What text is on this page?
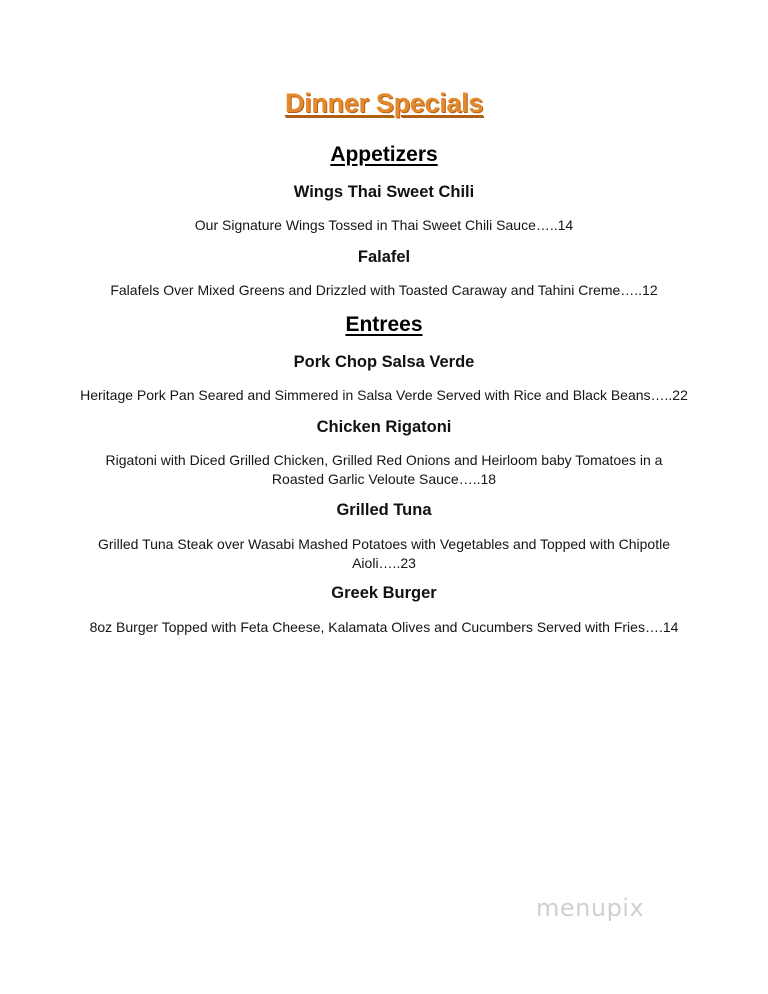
Dinner Specials
Appetizers
Wings Thai Sweet Chili
Our Signature Wings Tossed in Thai Sweet Chili Sauce…..14
Falafel
Falafels Over Mixed Greens and Drizzled with Toasted Caraway and Tahini Creme…..12
Entrees
Pork Chop Salsa Verde
Heritage Pork Pan Seared and Simmered in Salsa Verde Served with Rice and Black Beans…..22
Chicken Rigatoni
Rigatoni with Diced Grilled Chicken, Grilled Red Onions and Heirloom baby Tomatoes in a Roasted Garlic Veloute Sauce…..18
Grilled Tuna
Grilled Tuna Steak over Wasabi Mashed Potatoes with Vegetables and Topped with Chipotle Aioli…..23
Greek Burger
8oz Burger Topped with Feta Cheese, Kalamata Olives and Cucumbers Served with Fries….14
menupix
